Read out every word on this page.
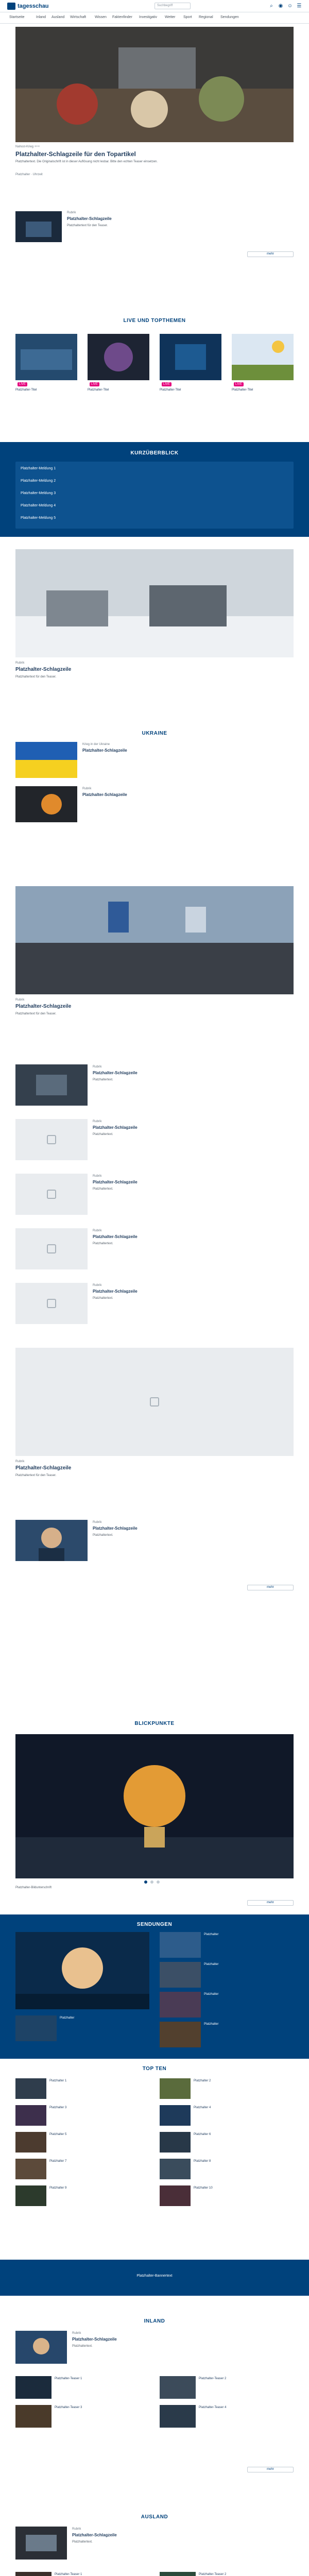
tagesschau	Suchbegriff	⌕	◉ ☺ ☰
Startseite	Inland Ausland Wirtschaft Wissen Faktenfinder Investigativ Wetter Sport Regional Sendungen
Nahost-Krieg +++
Platzhalter-Schlagzeile für den Topartikel
Platzhaltertext. Die Originalschrift ist in dieser Auflösung nicht lesbar. Bitte den echten Teaser einsetzen.
Platzhalter · Uhrzeit
Rubrik
Platzhalter-Schlagzeile
Platzhaltertext für den Teaser.
mehr
LIVE UND TOPTHEMEN
LIVE
Platzhalter-Titel
LIVE
Platzhalter-Titel
LIVE
Platzhalter-Titel
LIVE
Platzhalter-Titel
KURZÜBERBLICK
Platzhalter-Meldung 1
Platzhalter-Meldung 2
Platzhalter-Meldung 3
Platzhalter-Meldung 4
Platzhalter-Meldung 5
Rubrik
Platzhalter-Schlagzeile
Platzhaltertext für den Teaser.
UKRAINE
Krieg in der Ukraine
Platzhalter-Schlagzeile
Rubrik
Platzhalter-Schlagzeile
Rubrik
Platzhalter-Schlagzeile
Platzhaltertext für den Teaser.
Rubrik
Platzhalter-Schlagzeile
Platzhaltertext.
Rubrik
Platzhalter-Schlagzeile
Platzhaltertext.
Rubrik
Platzhalter-Schlagzeile
Platzhaltertext.
Rubrik
Platzhalter-Schlagzeile
Platzhaltertext.
Rubrik
Platzhalter-Schlagzeile
Platzhaltertext.
Rubrik
Platzhalter-Schlagzeile
Platzhaltertext für den Teaser.
Rubrik
Platzhalter-Schlagzeile
Platzhaltertext.
mehr
BLICKPUNKTE
Platzhalter-Bildunterschrift
mehr
SENDUNGEN
Platzhalter
Platzhalter
Platzhalter
Platzhalter
Platzhalter
TOP TEN
Platzhalter 1	Platzhalter 2
Platzhalter 3	Platzhalter 4
Platzhalter 5	Platzhalter 6
Platzhalter 7	Platzhalter 8
Platzhalter 9	Platzhalter 10
Platzhalter-Bannertext
INLAND
Rubrik
Platzhalter-Schlagzeile
Platzhaltertext.
Platzhalter-Teaser 1	Platzhalter-Teaser 2
Platzhalter-Teaser 3	Platzhalter-Teaser 4
mehr
AUSLAND
Rubrik
Platzhalter-Schlagzeile
Platzhaltertext.
Platzhalter-Teaser 1	Platzhalter-Teaser 2
